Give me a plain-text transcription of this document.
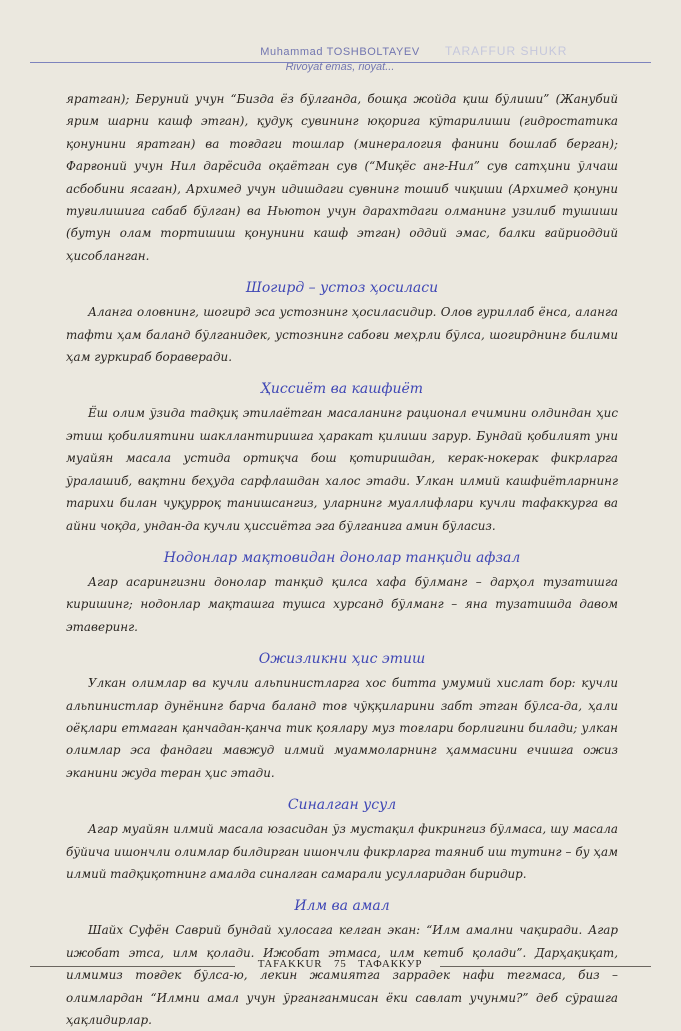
TARAFFUR SHUKR
Muhammad TOSHBOLTAYEV
Rivoyat emas, rioyat...

яратган); Беруний учун “Бизда ёз бўлганда, бошқа жойда қиш бўлиши” (Жанубий ярим шарни кашф этган), қудуқ сувининг юқорига кўтарилиши (гидростатика қонунини яратган) ва тоғдаги тошлар (минералогия фанини бошлаб берган); Фарғоний учун Нил дарёсида оқаётган сув (“Миқёс анг-Нил” сув сатҳини ўлчаш асбобини ясаган), Архимед учун идишдаги сувнинг тошиб чиқиши (Архимед қонуни туғилишига сабаб бўлган) ва Ньютон учун дарахтдаги олманинг узилиб тушиши (бутун олам тортишиш қонунини кашф этган) оддий эмас, балки ғайриоддий ҳисобланган.

Шогирд – устоз ҳосиласи

Аланга оловнинг, шогирд эса устознинг ҳосиласидир. Олов гуриллаб ёнса, аланга тафти ҳам баланд бўлганидек, устознинг сабоғи меҳрли бўлса, шогирднинг билими ҳам гуркираб бораверади.

Ҳиссиёт ва кашфиёт

Ёш олим ўзида тадқиқ этилаётган масаланинг рационал ечимини олдиндан ҳис этиш қобилиятини шакллантиришга ҳаракат қилиши зарур. Бундай қобилият уни муайян масала устида ортиқча бош қотиришдан, керак-нокерак фикрларга ўралашиб, вақтни беҳуда сарфлашдан халос этади. Улкан илмий кашфиётларнинг тарихи билан чуқурроқ танишсангиз, уларнинг муаллифлари кучли тафаккурга ва айни чоқда, ундан-да кучли ҳиссиётга эга бўлганига амин бўласиз.

Нодонлар мақтовидан донолар танқиди афзал

Агар асарингизни донолар танқид қилса хафа бўлманг – дарҳол тузатишга киришинг; нодонлар мақташга тушса хурсанд бўлманг – яна тузатишда давом этаверинг.

Ожизликни ҳис этиш

Улкан олимлар ва кучли альпинистларга хос битта умумий хислат бор: кучли альпинистлар дунёнинг барча баланд тоғ чўққиларини забт этган бўлса-да, ҳали оёқлари етмаган қанчадан-қанча тик қоялару муз тоғлари борлигини билади; улкан олимлар эса фандаги мавжуд илмий муаммоларнинг ҳаммасини ечишга ожиз эканини жуда теран ҳис этади.

Синалган усул

Агар муайян илмий масала юзасидан ўз мустақил фикрингиз бўлмаса, шу масала бўйича ишончли олимлар билдирган ишончли фикрларга таяниб иш тутинг – бу ҳам илмий тадқиқотнинг амалда синалган самарали усулларидан биридир.

Илм ва амал

Шайх Суфён Саврий бундай хулосага келган экан: “Илм амални чақиради. Агар ижобат этса, илм қолади. Ижобат этмаса, илм кетиб қолади”. Дарҳақиқат, илмимиз тоғдек бўлса-ю, лекин жамиятга заррадек нафи тегмаса, биз – олимлардан “Илмни амал учун ўрганганмисан ёки савлат учунми?” деб сўрашга ҳақлидирлар.

TAFAKKUR 75 ТАФАККУР
